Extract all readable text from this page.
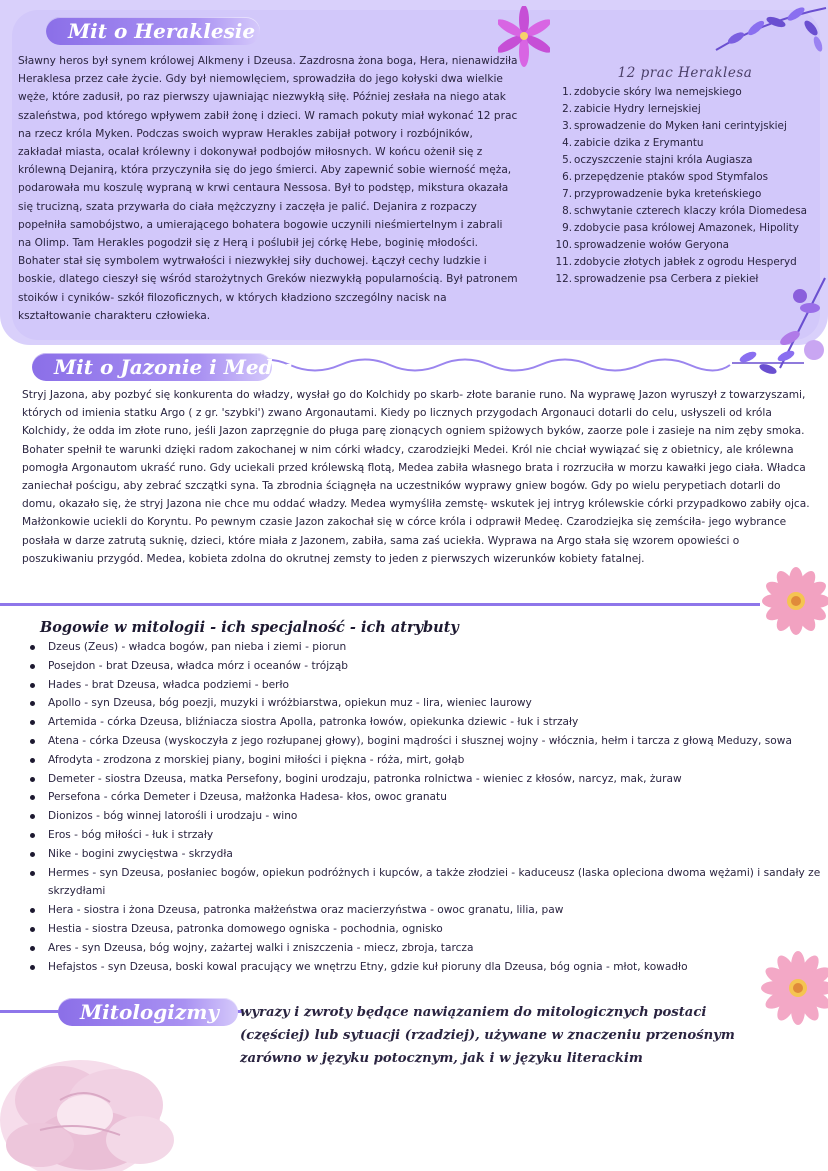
Mit o Heraklesie
Sławny heros był synem królowej Alkmeny i Dzeusa. Zazdrosna żona boga, Hera, nienawidziła Heraklesa przez całe życie. Gdy był niemowlęciem, sprowadziła do jego kołyski dwa wielkie węże, które zadusił, po raz pierwszy ujawniając niezwykłą siłę. Później zesłała na niego atak szaleństwa, pod którego wpływem zabił żonę i dzieci. W ramach pokuty miał wykonać 12 prac na rzecz króla Myken. Podczas swoich wypraw Herakles zabijał potwory i rozbójników, zakładał miasta, ocalał królewny i dokonywał podbojów miłosnych. W końcu ożenił się z królewną Dejanirą, która przyczyniła się do jego śmierci. Aby zapewnić sobie wierność męża, podarowała mu koszulę wypraną w krwi centaura Nessosa. Był to podstęp, mikstura okazała się trucizną, szata przywarła do ciała mężczyzny i zaczęła je palić. Dejanira z rozpaczy popełniła samobójstwo, a umierającego bohatera bogowie uczynili nieśmiertelnym i zabrali na Olimp. Tam Herakles pogodził się z Herą i poślubił jej córkę Hebe, boginię młodości. Bohater stał się symbolem wytrwałości i niezwykłej siły duchowej. Łączył cechy ludzkie i boskie, dlatego cieszył się wśród starożytnych Greków niezwykłą popularnością. Był patronem stoików i cyników- szkół filozoficznych, w których kładziono szczególny nacisk na kształtowanie charakteru człowieka.
12 prac Heraklesa
1. zdobycie skóry lwa nemejskiego
2. zabicie Hydry lernejskiej
3. sprowadzenie do Myken łani cerintyjskiej
4. zabicie dzika z Erymantu
5. oczyszczenie stajni króla Augiasza
6. przepędzenie ptaków spod Stymfalos
7. przyprowadzenie byka kreteńskiego
8. schwytanie czterech klaczy króla Diomedesa
9. zdobycie pasa królowej Amazonek, Hipolity
10. sprowadzenie wołów Geryona
11. zdobycie złotych jabłek z ogrodu Hesperyd
12. sprowadzenie psa Cerbera z piekieł
Mit o Jazonie i Medei
Stryj Jazona, aby pozbyć się konkurenta do władzy, wysłał go do Kolchidy po skarb- złote baranie runo. Na wyprawę Jazon wyruszył z towarzyszami, których od imienia statku Argo ( z gr. 'szybki') zwano Argonautami. Kiedy po licznych przygodach Argonauci dotarli do celu, usłyszeli od króla Kolchidy, że odda im złote runo, jeśli Jazon zaprzęgnie do pługa parę zionących ogniem spiżowych byków, zaorze pole i zasieje na nim zęby smoka. Bohater spełnił te warunki dzięki radom zakochanej w nim córki władcy, czarodziejki Medei. Król nie chciał wywiązać się z obietnicy, ale królewna pomogła Argonautom ukraść runo. Gdy uciekali przed królewską flotą, Medea zabiła własnego brata i rozrzuciła w morzu kawałki jego ciała. Władca zaniechał pościgu, aby zebrać szczątki syna. Ta zbrodnia ściągnęła na uczestników wyprawy gniew bogów. Gdy po wielu perypetiach dotarli do domu, okazało się, że stryj Jazona nie chce mu oddać władzy. Medea wymyśliła zemstę- wskutek jej intryg królewskie córki przypadkowo zabiły ojca. Małżonkowie uciekli do Koryntu. Po pewnym czasie Jazon zakochał się w córce króla i odprawił Medeę. Czarodziejka się zemściła- jego wybrance posłała w darze zatrutą suknię, dzieci, które miała z Jazonem, zabiła, sama zaś uciekła. Wyprawa na Argo stała się wzorem opowieści o poszukiwaniu przygód. Medea, kobieta zdolna do okrutnej zemsty to jeden z pierwszych wizerunków kobiety fatalnej.
Bogowie w mitologii - ich specjalność - ich atrybuty
Dzeus (Zeus) - władca bogów, pan nieba i ziemi - piorun
Posejdon - brat Dzeusa, władca mórz i oceanów - trójząb
Hades - brat Dzeusa, władca podziemi - berło
Apollo - syn Dzeusa, bóg poezji, muzyki i wróżbiarstwa, opiekun muz - lira, wieniec laurowy
Artemida - córka Dzeusa, bliźniacza siostra Apolla, patronka łowów, opiekunka dziewic - łuk i strzały
Atena - córka Dzeusa (wyskoczyła z jego rozłupanej głowy), bogini mądrości i słusznej wojny - włócznia, hełm i tarcza z głową Meduzy, sowa
Afrodyta - zrodzona z morskiej piany, bogini miłości i piękna - róża, mirt, gołąb
Demeter - siostra Dzeusa, matka Persefony, bogini urodzaju, patronka rolnictwa - wieniec z kłosów, narcyz, mak, żuraw
Persefona - córka Demeter i Dzeusa, małżonka Hadesa- kłos, owoc granatu
Dionizos - bóg winnej latorośli i urodzaju - wino
Eros - bóg miłości - łuk i strzały
Nike - bogini zwycięstwa - skrzydła
Hermes - syn Dzeusa, posłaniec bogów, opiekun podróżnych i kupców, a także złodziei - kaduceusz (laska opleciona dwoma wężami) i sandały ze skrzydłami
Hera - siostra i żona Dzeusa, patronka małżeństwa oraz macierzyństwa - owoc granatu, lilia, paw
Hestia - siostra Dzeusa, patronka domowego ogniska - pochodnia, ognisko
Ares - syn Dzeusa, bóg wojny, zażartej walki i zniszczenia - miecz, zbroja, tarcza
Hefajstos - syn Dzeusa, boski kowal pracujący we wnętrzu Etny, gdzie kuł pioruny dla Dzeusa, bóg ognia - młot, kowadło
Mitologizmy	wyrazy i zwroty będące nawiązaniem do mitologicznych postaci (częściej) lub sytuacji (rzadziej), używane w znaczeniu przenośnym zarówno w języku potocznym, jak i w języku literackim
